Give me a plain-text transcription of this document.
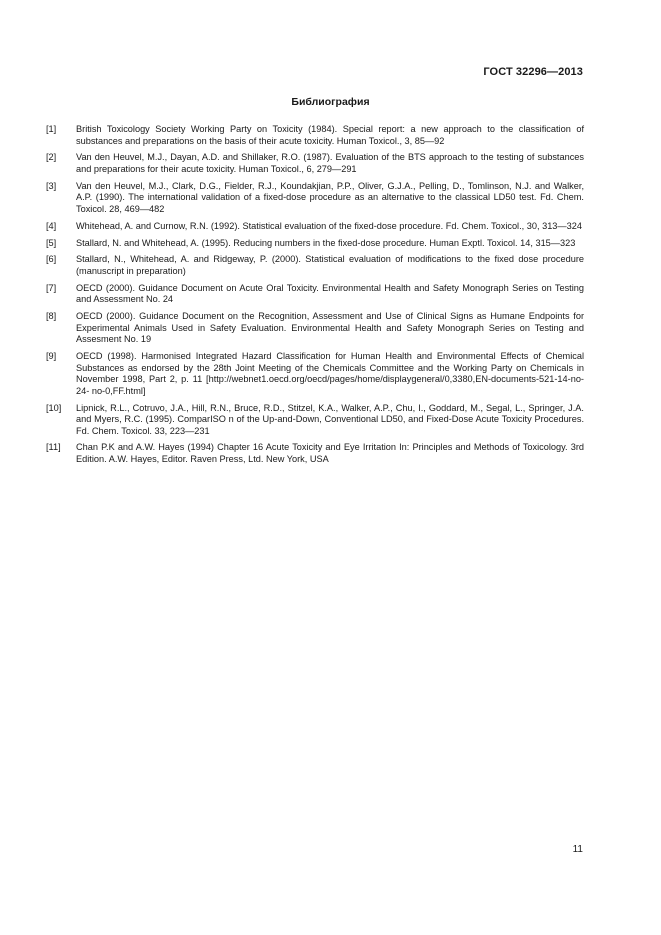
ГОСТ 32296—2013
Библиография
[1]	British Toxicology Society Working Party on Toxicity (1984). Special report: a new approach to the classification of substances and preparations on the basis of their acute toxicity. Human Toxicol., 3, 85—92
[2]	Van den Heuvel, M.J., Dayan, A.D. and Shillaker, R.O. (1987). Evaluation of the BTS approach to the testing of substances and preparations for their acute toxicity. Human Toxicol., 6, 279—291
[3]	Van den Heuvel, M.J., Clark, D.G., Fielder, R.J., Koundakjian, P.P., Oliver, G.J.A., Pelling, D., Tomlinson, N.J. and Walker, A.P. (1990). The international validation of a fixed-dose procedure as an alternative to the classical LD50 test. Fd. Chem. Toxicol. 28, 469—482
[4]	Whitehead, A. and Curnow, R.N. (1992). Statistical evaluation of the fixed-dose procedure. Fd. Chem. Toxicol., 30, 313—324
[5]	Stallard, N. and Whitehead, A. (1995). Reducing numbers in the fixed-dose procedure. Human Exptl. Toxicol. 14, 315—323
[6]	Stallard, N., Whitehead, A. and Ridgeway, P. (2000). Statistical evaluation of modifications to the fixed dose procedure (manuscript in preparation)
[7]	OECD (2000). Guidance Document on Acute Oral Toxicity. Environmental Health and Safety Monograph Series on Testing and Assessment No. 24
[8]	OECD (2000). Guidance Document on the Recognition, Assessment and Use of Clinical Signs as Humane Endpoints for Experimental Animals Used in Safety Evaluation. Environmental Health and Safety Monograph Series on Testing and Assesment No. 19
[9]	OECD (1998). Harmonised Integrated Hazard Classification for Human Health and Environmental Effects of Chemical Substances as endorsed by the 28th Joint Meeting of the Chemicals Committee and the Working Party on Chemicals in November 1998, Part 2, p. 11 [http://webnet1.oecd.org/oecd/pages/home/displaygeneral/0,3380,EN-documents-521-14-no-24- no-0,FF.html]
[10]	Lipnick, R.L., Cotruvo, J.A., Hill, R.N., Bruce, R.D., Stitzel, K.A., Walker, A.P., Chu, I., Goddard, M., Segal, L., Springer, J.A. and Myers, R.C. (1995). ComparISO n of the Up-and-Down, Conventional LD50, and Fixed-Dose Acute Toxicity Procedures. Fd. Chem. Toxicol. 33, 223—231
[11]	Chan P.K and A.W. Hayes (1994) Chapter 16 Acute Toxicity and Eye Irritation In: Principles and Methods of Toxicology. 3rd Edition. A.W. Hayes, Editor. Raven Press, Ltd. New York, USA
11
